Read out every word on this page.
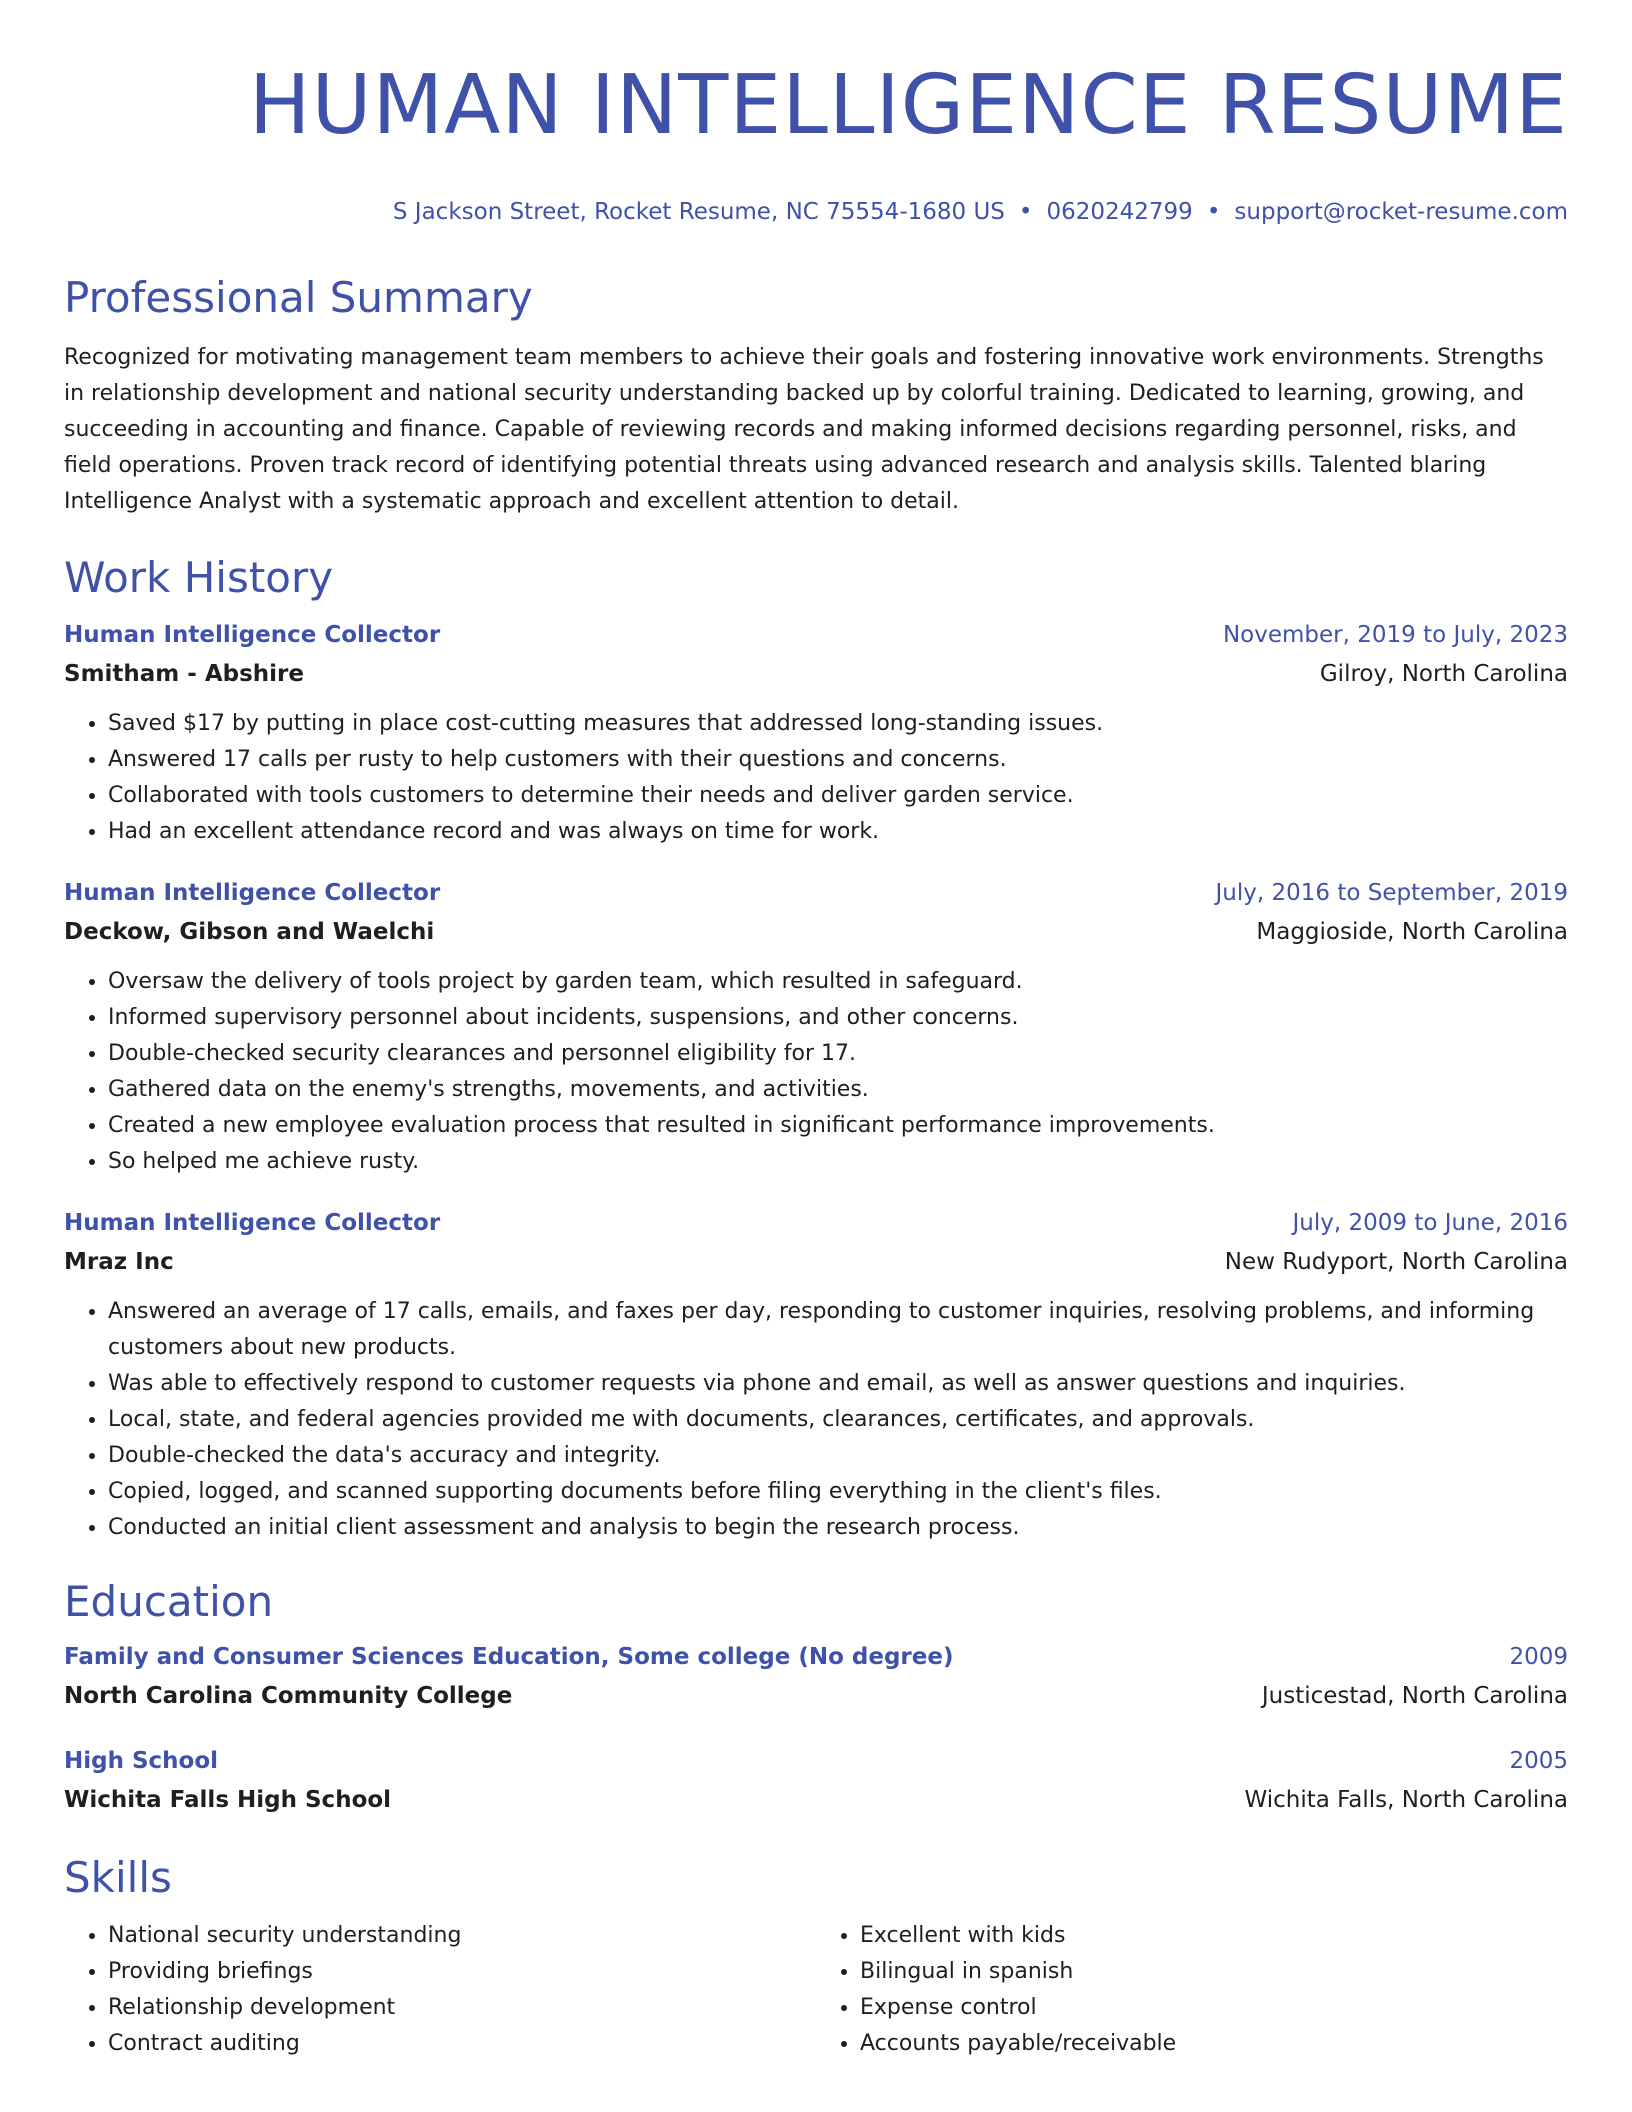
HUMAN INTELLIGENCE RESUME
S Jackson Street, Rocket Resume, NC 75554-1680 US • 0620242799 • support@rocket-resume.com
Professional Summary

Recognized for motivating management team members to achieve their goals and fostering innovative work environments. Strengths in relationship development and national security understanding backed up by colorful training. Dedicated to learning, growing, and succeeding in accounting and finance. Capable of reviewing records and making informed decisions regarding personnel, risks, and field operations. Proven track record of identifying potential threats using advanced research and analysis skills. Talented blaring Intelligence Analyst with a systematic approach and excellent attention to detail.

Work History
Human Intelligence Collector	November, 2019 to July, 2023
Smitham - Abshire	Gilroy, North Carolina
• Saved $17 by putting in place cost-cutting measures that addressed long-standing issues.
• Answered 17 calls per rusty to help customers with their questions and concerns.
• Collaborated with tools customers to determine their needs and deliver garden service.
• Had an excellent attendance record and was always on time for work.
Human Intelligence Collector	July, 2016 to September, 2019
Deckow, Gibson and Waelchi	Maggioside, North Carolina
• Oversaw the delivery of tools project by garden team, which resulted in safeguard.
• Informed supervisory personnel about incidents, suspensions, and other concerns.
• Double-checked security clearances and personnel eligibility for 17.
• Gathered data on the enemy's strengths, movements, and activities.
• Created a new employee evaluation process that resulted in significant performance improvements.
• So helped me achieve rusty.
Human Intelligence Collector	July, 2009 to June, 2016
Mraz Inc	New Rudyport, North Carolina
• Answered an average of 17 calls, emails, and faxes per day, responding to customer inquiries, resolving problems, and informing customers about new products.
• Was able to effectively respond to customer requests via phone and email, as well as answer questions and inquiries.
• Local, state, and federal agencies provided me with documents, clearances, certificates, and approvals.
• Double-checked the data's accuracy and integrity.
• Copied, logged, and scanned supporting documents before filing everything in the client's files.
• Conducted an initial client assessment and analysis to begin the research process.
Education
Family and Consumer Sciences Education, Some college (No degree)	2009
North Carolina Community College	Justicestad, North Carolina
High School	2005
Wichita Falls High School	Wichita Falls, North Carolina
Skills
• National security understanding
• Providing briefings
• Relationship development
• Contract auditing
• Excellent with kids
• Bilingual in spanish
• Expense control
• Accounts payable/receivable
